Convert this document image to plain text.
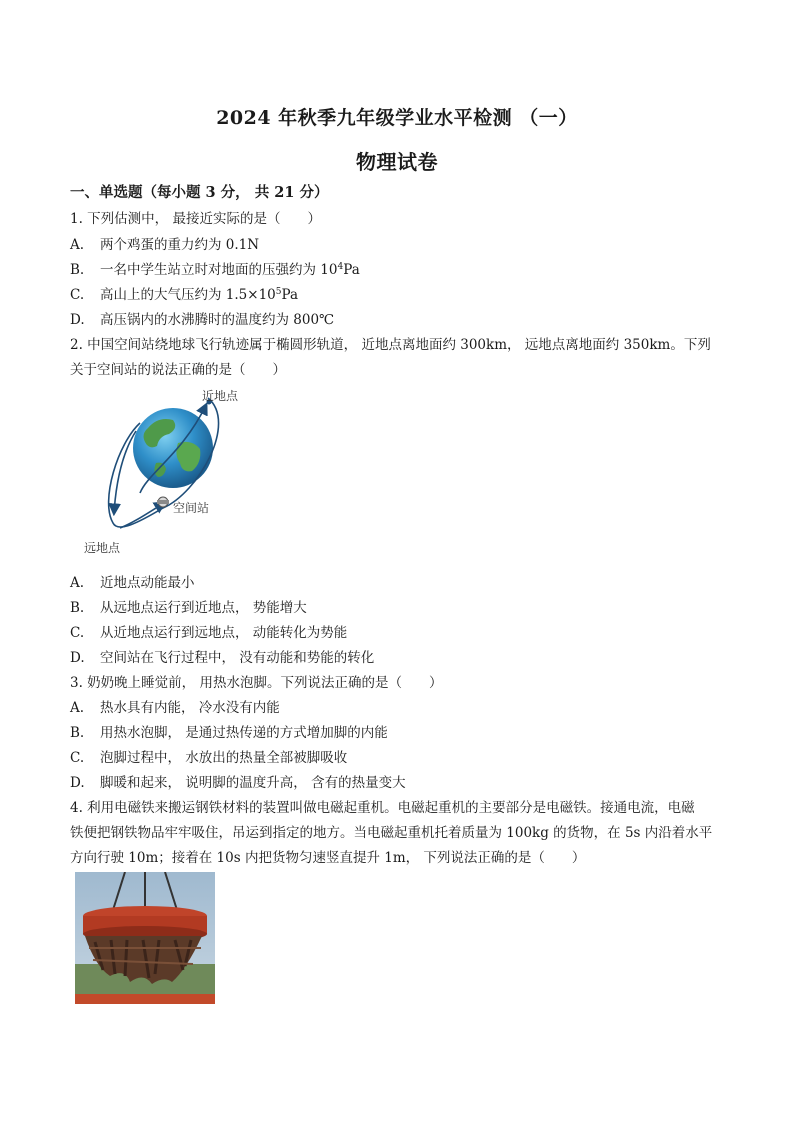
2024 年秋季九年级学业水平检测 （一）
物理试卷
一、单选题（每小题 3 分， 共 21 分）
1. 下列估测中， 最接近实际的是（　　）
A. 两个鸡蛋的重力约为 0.1N
B. 一名中学生站立时对地面的压强约为 $10^4Pa$
C. 高山上的大气压约为 $1.5\times 10^5Pa$
D. 高压锅内的水沸腾时的温度约为 800℃
2. 中国空间站绕地球飞行轨迹属于椭圆形轨道， 近地点离地面约 300km， 远地点离地面约 350km。下列
关于空间站的说法正确的是（　　）
近地点
空间站
远地点
A. 近地点动能最小
B. 从远地点运行到近地点， 势能增大
C. 从近地点运行到远地点， 动能转化为势能
D. 空间站在飞行过程中， 没有动能和势能的转化
3. 奶奶晚上睡觉前， 用热水泡脚。下列说法正确的是（　　）
A. 热水具有内能， 冷水没有内能
B. 用热水泡脚， 是通过热传递的方式增加脚的内能
C. 泡脚过程中， 水放出的热量全部被脚吸收
D. 脚暖和起来， 说明脚的温度升高， 含有的热量变大
4. 利用电磁铁来搬运钢铁材料的装置叫做电磁起重机。电磁起重机的主要部分是电磁铁。接通电流，电磁
铁便把钢铁物品牢牢吸住，吊运到指定的地方。当电磁起重机托着质量为 100kg 的货物，在 5s 内沿着水平
方向行驶 10m；接着在 10s 内把货物匀速竖直提升 1m， 下列说法正确的是（　　）
